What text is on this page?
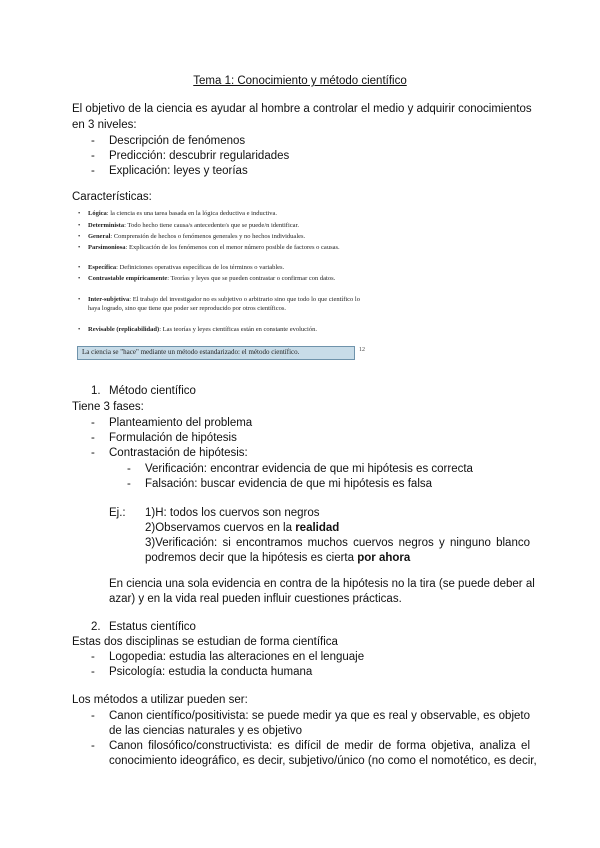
Tema 1: Conocimiento y método científico
El objetivo de la ciencia es ayudar al hombre a controlar el medio y adquirir conocimientos
en 3 niveles:
- Descripción de fenómenos
- Predicción: descubrir regularidades
- Explicación: leyes y teorías
Características:
• Lógica: la ciencia es una tarea basada en la lógica deductiva e inductiva.
• Determinista: Todo hecho tiene causa/s antecedente/s que se puede/n identificar.
• General: Comprensión de hechos o fenómenos generales y no hechos individuales.
• Parsimoniosa: Explicación de los fenómenos con el menor número posible de factores o causas.
• Específica: Definiciones operativas específicas de los términos o variables.
• Contrastable empíricamente: Teorías y leyes que se pueden contrastar o confirmar con datos.
• Inter-subjetiva: El trabajo del investigador no es subjetivo o arbitrario sino que todo lo que científico lo haya logrado, sino que tiene que poder ser reproducido por otros científicos.
• Revisable (replicabilidad): Las teorías y leyes científicas están en constante evolución.
La ciencia se "hace" mediante un método estandarizado: el método científico.	12
1. Método científico
Tiene 3 fases:
- Planteamiento del problema
- Formulación de hipótesis
- Contrastación de hipótesis:
- Verificación: encontrar evidencia de que mi hipótesis es correcta
- Falsación: buscar evidencia de que mi hipótesis es falsa
Ej.: 1)H: todos los cuervos son negros
2)Observamos cuervos en la realidad
3)Verificación: si encontramos muchos cuervos negros y ninguno blanco
podremos decir que la hipótesis es cierta por ahora
En ciencia una sola evidencia en contra de la hipótesis no la tira (se puede deber al
azar) y en la vida real pueden influir cuestiones prácticas.
2. Estatus científico
Estas dos disciplinas se estudian de forma científica
- Logopedia: estudia las alteraciones en el lenguaje
- Psicología: estudia la conducta humana
Los métodos a utilizar pueden ser:
- Canon científico/positivista: se puede medir ya que es real y observable, es objeto
de las ciencias naturales y es objetivo
- Canon filosófico/constructivista: es difícil de medir de forma objetiva, analiza el
conocimiento ideográfico, es decir, subjetivo/único (no como el nomotético, es decir,
